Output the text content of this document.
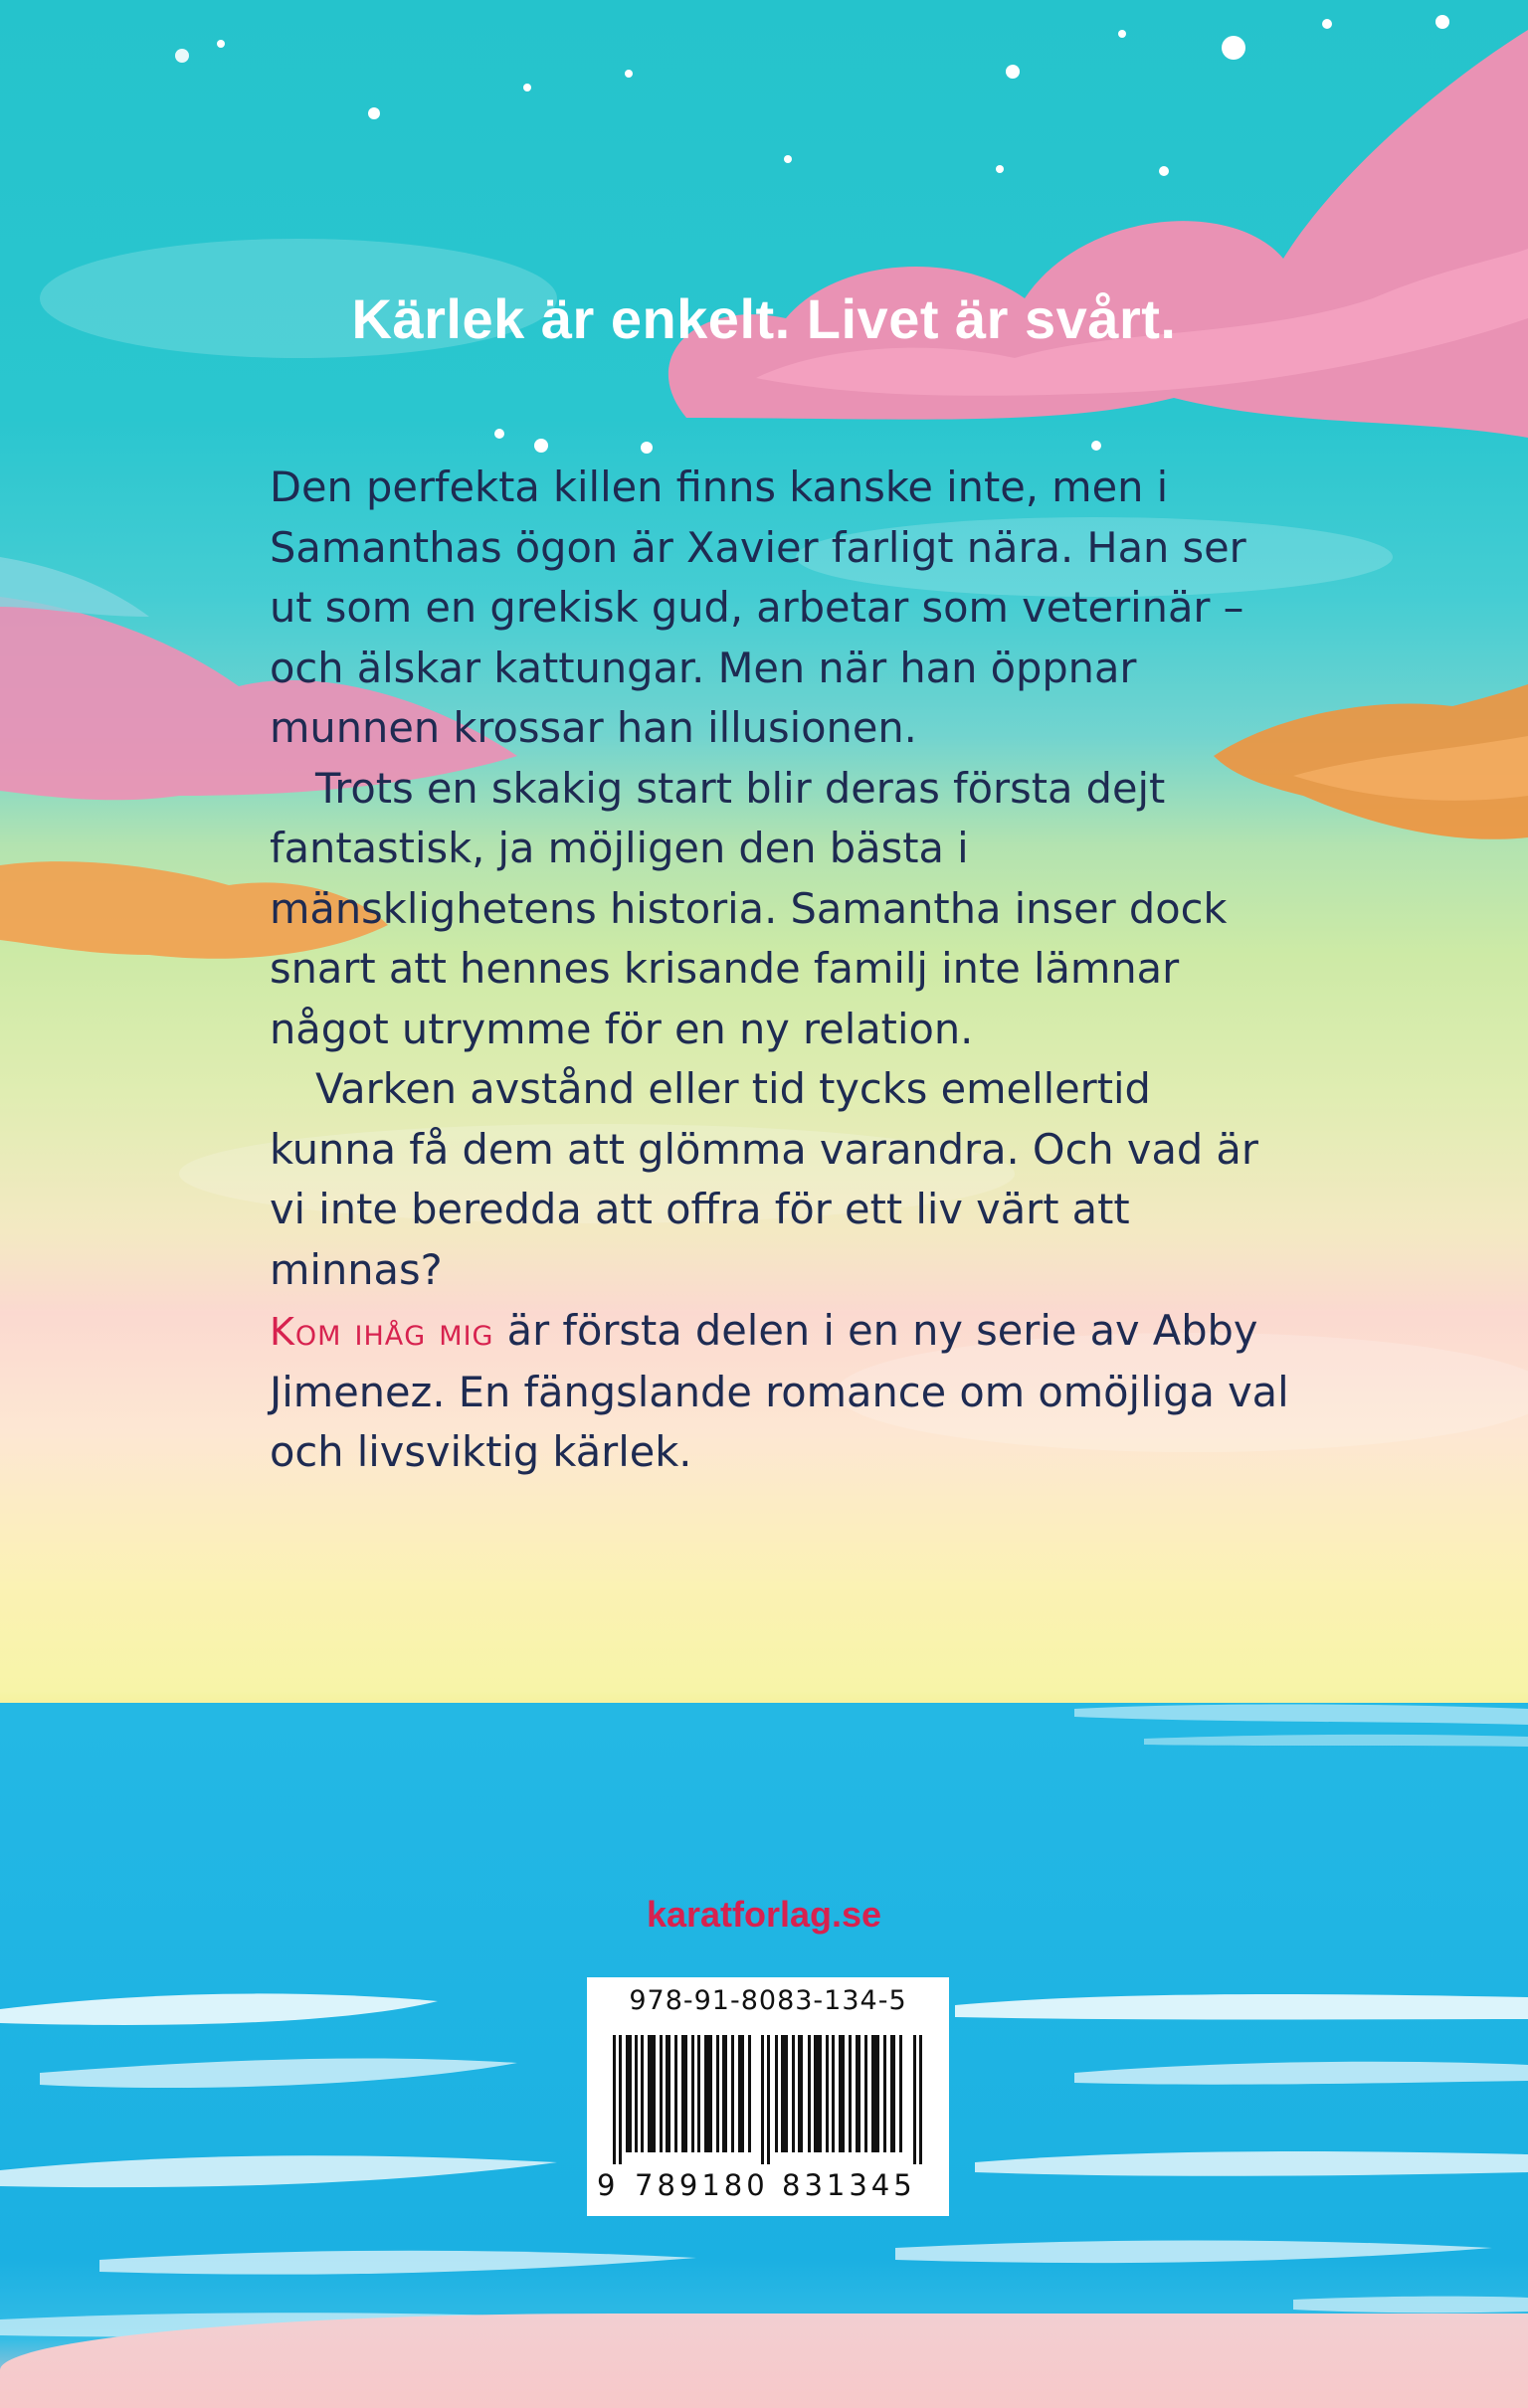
Kärlek är enkelt. Livet är svårt.

Den perfekta killen finns kanske inte, men i Samanthas ögon är Xavier farligt nära. Han ser ut som en grekisk gud, arbetar som veterinär – och älskar kattungar. Men när han öppnar munnen krossar han illusionen.

Trots en skakig start blir deras första dejt fantastisk, ja möjligen den bästa i mänsklighetens historia. Samantha inser dock snart att hennes krisande familj inte lämnar något utrymme för en ny relation.

Varken avstånd eller tid tycks emellertid kunna få dem att glömma varandra. Och vad är vi inte beredda att offra för ett liv värt att minnas?

Kom ihåg mig är första delen i en ny serie av Abby Jimenez. En fängslande romance om omöjliga val och livsviktig kärlek.
karatforlag.se
978-91-8083-134-5
9 789180 831345
